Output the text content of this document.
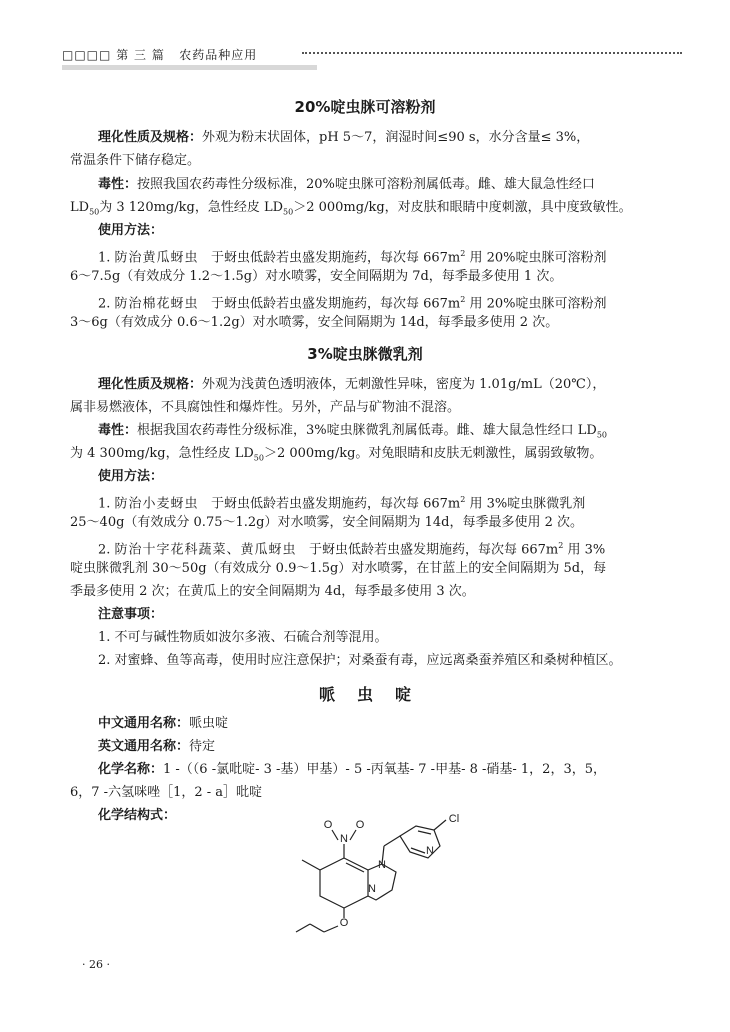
□□□□ 第 三 篇 农药品种应用
20%啶虫脒可溶粉剂
理化性质及规格：外观为粉末状固体，pH 5～7，润湿时间≤90 s，水分含量≤ 3%，
常温条件下储存稳定。
毒性：按照我国农药毒性分级标准，20%啶虫脒可溶粉剂属低毒。雌、雄大鼠急性经口
$LD_{50}$为 3 120mg/kg，急性经皮 $LD_{50}>2$ 000mg/kg，对皮肤和眼睛中度刺激，具中度致敏性。
使用方法：
1. 防治黄瓜蚜虫 于蚜虫低龄若虫盛发期施药，每次每 $667m^2$ 用 20%啶虫脒可溶粉剂
6～7.5g（有效成分 1.2～1.5g）对水喷雾，安全间隔期为 7d，每季最多使用 1 次。
2. 防治棉花蚜虫 于蚜虫低龄若虫盛发期施药，每次每 $667m^2$ 用 20%啶虫脒可溶粉剂
3～6g（有效成分 0.6～1.2g）对水喷雾，安全间隔期为 14d，每季最多使用 2 次。
3%啶虫脒微乳剂
理化性质及规格：外观为浅黄色透明液体，无刺激性异味，密度为 1.01g/mL（20℃），
属非易燃液体，不具腐蚀性和爆炸性。另外，产品与矿物油不混溶。
毒性：根据我国农药毒性分级标准，3%啶虫脒微乳剂属低毒。雌、雄大鼠急性经口 $LD_{50}$
为 4 300mg/kg，急性经皮 $LD_{50}>2$ 000mg/kg。对兔眼睛和皮肤无刺激性，属弱致敏物。
使用方法：
1. 防治小麦蚜虫 于蚜虫低龄若虫盛发期施药，每次每 $667m^2$ 用 3%啶虫脒微乳剂
25～40g（有效成分 0.75～1.2g）对水喷雾，安全间隔期为 14d，每季最多使用 2 次。
2. 防治十字花科蔬菜、黄瓜蚜虫 于蚜虫低龄若虫盛发期施药，每次每 $667m^2$ 用 3%
啶虫脒微乳剂 30～50g（有效成分 0.9～1.5g）对水喷雾，在甘蓝上的安全间隔期为 5d，每
季最多使用 2 次；在黄瓜上的安全间隔期为 4d，每季最多使用 3 次。
注意事项：
1. 不可与碱性物质如波尔多液、石硫合剂等混用。
2. 对蜜蜂、鱼等高毒，使用时应注意保护；对桑蚕有毒，应远离桑蚕养殖区和桑树种植区。
哌虫啶
中文通用名称：哌虫啶
英文通用名称：待定
化学名称：1 -（（6 -氯吡啶- 3 -基）甲基）- 5 -丙氧基- 7 -甲基- 8 -硝基- 1，2，3，5，
6，7 -六氢咪唑［1，2 - a］吡啶
化学结构式：
O
N
O
N
N
N
Cl
O
· 26 ·
